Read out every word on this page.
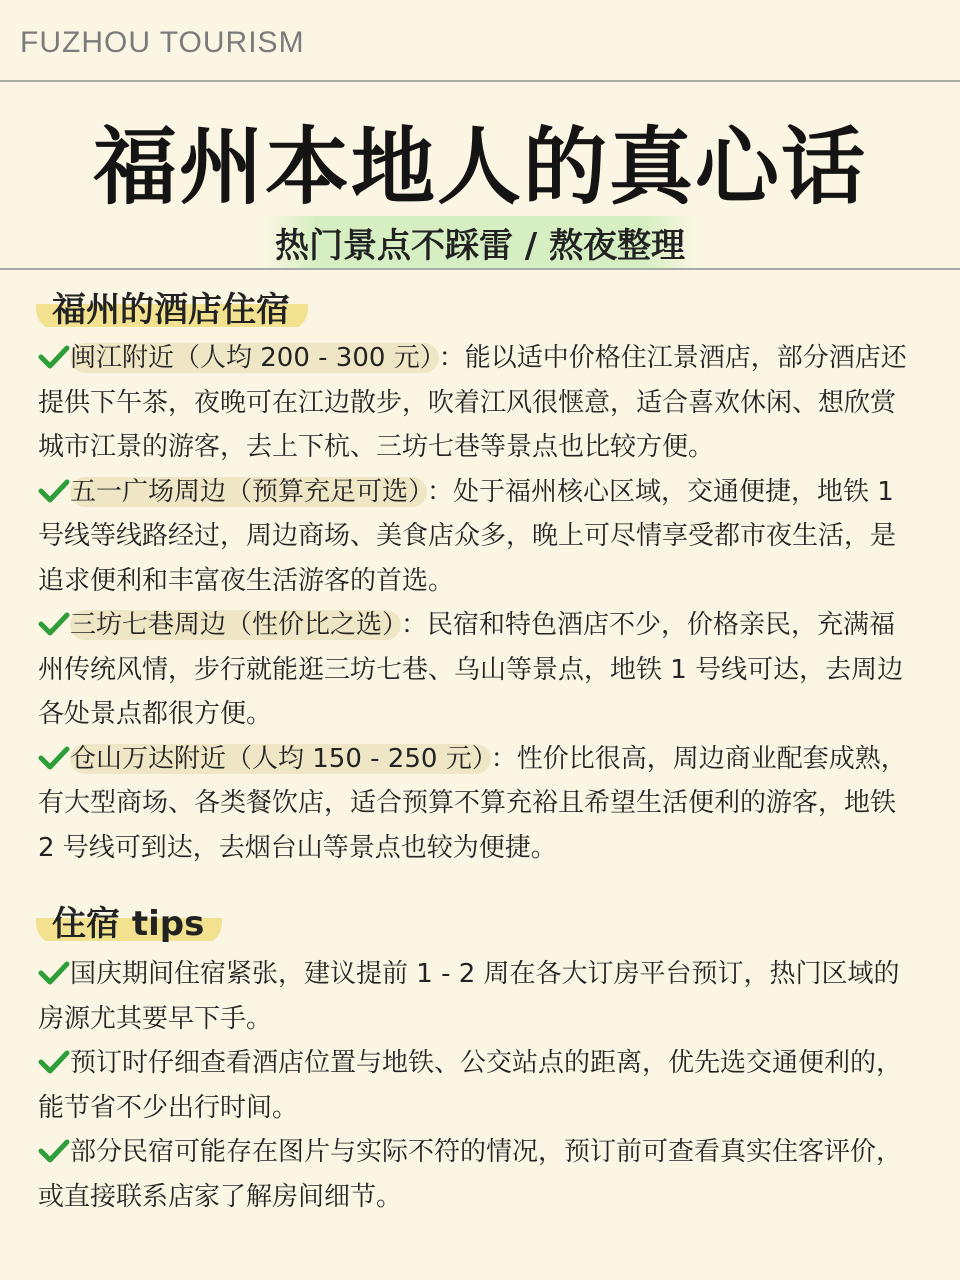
FUZHOU TOURISM
福州本地人的真心话
热门景点不踩雷 / 熬夜整理
福州的酒店住宿

闽江附近（人均 200 - 300 元） ：能以适中价格住江景酒店，部分酒店还提供下午茶，夜晚可在江边散步，吹着江风很惬意，适合喜欢休闲、想欣赏城市江景的游客，去上下杭、三坊七巷等景点也比较方便。

五一广场周边（预算充足可选） ：处于福州核心区域，交通便捷，地铁 1 号线等线路经过，周边商场、美食店众多，晚上可尽情享受都市夜生活，是追求便利和丰富夜生活游客的首选。

三坊七巷周边（性价比之选） ：民宿和特色酒店不少，价格亲民，充满福州传统风情，步行就能逛三坊七巷、乌山等景点，地铁 1 号线可达，去周边各处景点都很方便。

仓山万达附近（人均 150 - 250 元） ：性价比很高，周边商业配套成熟，有大型商场、各类餐饮店，适合预算不算充裕且希望生活便利的游客，地铁 2 号线可到达，去烟台山等景点也较为便捷。

住宿 tips

国庆期间住宿紧张，建议提前 1 - 2 周在各大订房平台预订，热门区域的房源尤其要早下手。

预订时仔细查看酒店位置与地铁、公交站点的距离，优先选交通便利的，能节省不少出行时间。

部分民宿可能存在图片与实际不符的情况，预订前可查看真实住客评价，或直接联系店家了解房间细节。
